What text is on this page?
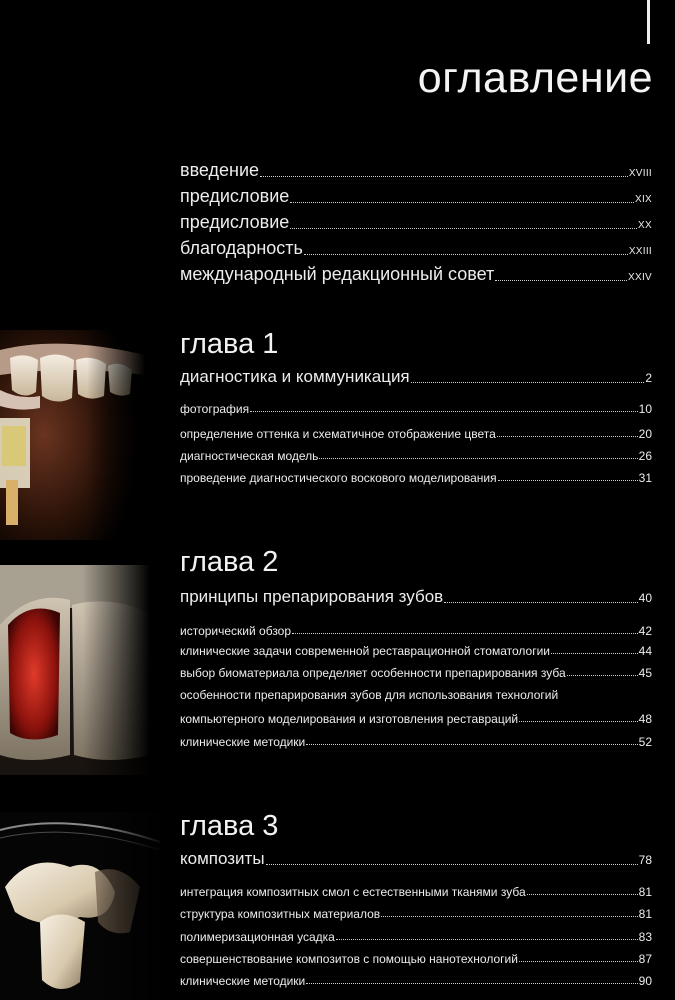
оглавление
введение	XVIII
предисловие	XIX
предисловие	XX
благодарность	XXIII
международный редакционный совет	XXIV
глава 1
диагностика и коммуникация	2
фотография	10
определение оттенка и схематичное отображение цвета	20
диагностическая модель	26
проведение диагностического воскового моделирования	31
глава 2
принципы препарирования зубов	40
исторический обзор	42
клинические задачи современной реставрационной стоматологии	44
выбор биоматериала определяет особенности препарирования зуба	45
особенности препарирования зубов для использования технологий
компьютерного моделирования и изготовления реставраций	48
клинические методики	52
глава 3
композиты	78
интеграция композитных смол с естественными тканями зуба	81
структура композитных материалов	81
полимеризационная усадка	83
совершенствование композитов с помощью нанотехнологий	87
клинические методики	90
